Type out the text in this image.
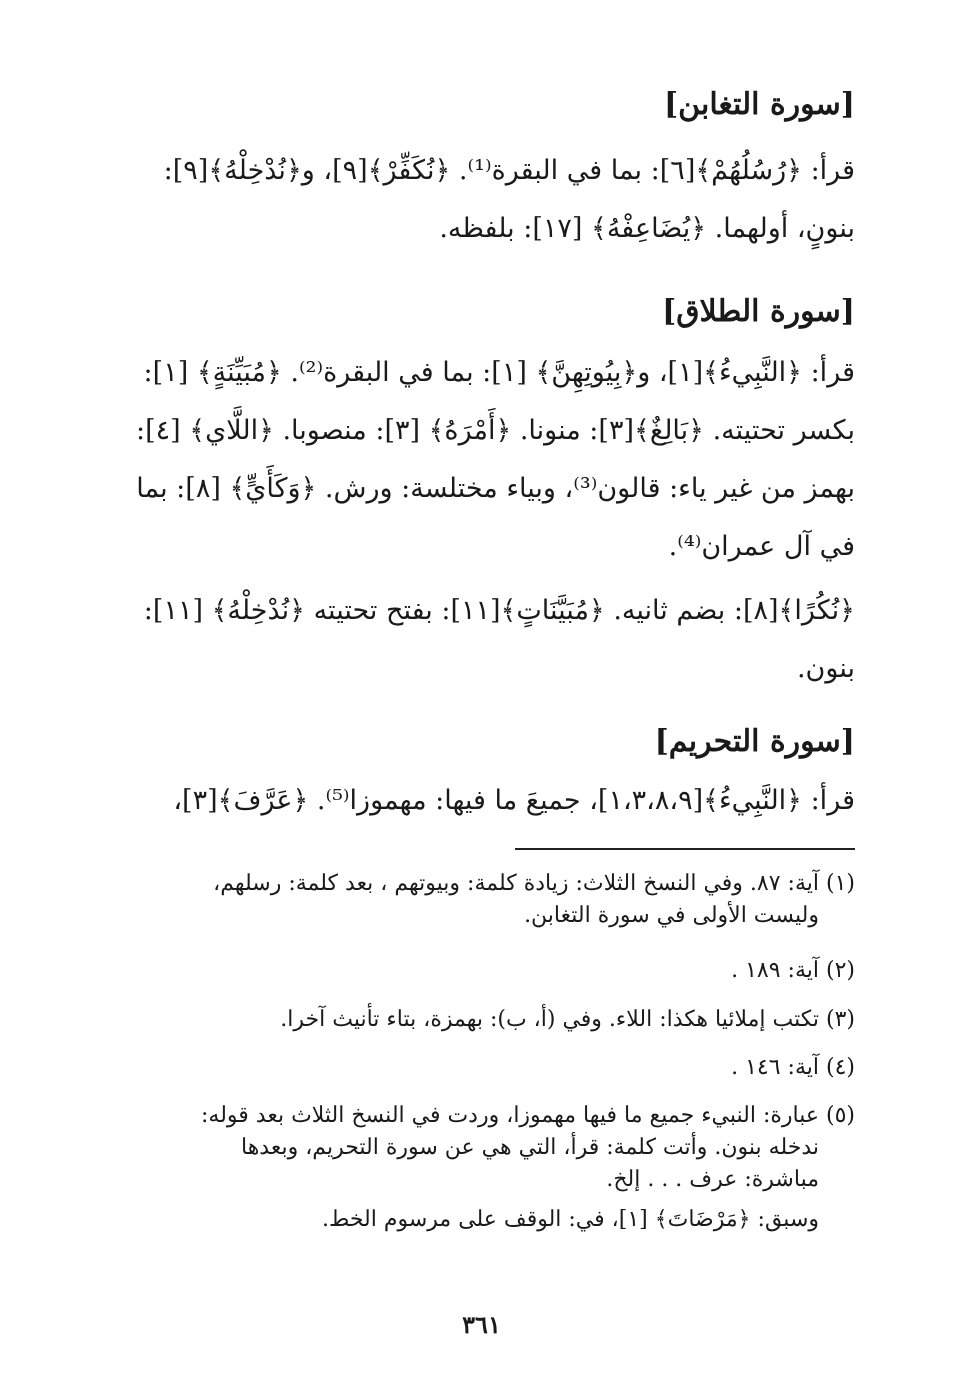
[سورة التغابن]
قرأ: ﴿رُسُلُهُمْ﴾[٦]: بما في البقرة⁽¹⁾. ﴿نُكَفِّرْ﴾[٩]، و﴿نُدْخِلْهُ﴾[٩]:
بنونٍ، أولهما. ﴿يُضَاعِفْهُ﴾ [١٧]: بلفظه.
[سورة الطلاق]
قرأ: ﴿النَّبِيءُ﴾[١]، و﴿بِيُوتِهِنَّ﴾ [١]: بما في البقرة⁽²⁾. ﴿مُبَيِّنَةٍ﴾ [١]:
بكسر تحتيته. ﴿بَالِغٌ﴾[٣]: منونا. ﴿أَمْرَهُ﴾ [٣]: منصوبا. ﴿اللَّاي﴾ [٤]:
بهمز من غير ياء: قالون⁽³⁾، وبياء مختلسة: ورش. ﴿وَكَأَيٍّ﴾ [٨]: بما
في آل عمران⁽⁴⁾.
﴿نُكُرًا﴾[٨]: بضم ثانيه. ﴿مُبَيَّنَاتٍ﴾[١١]: بفتح تحتيته ﴿نُدْخِلْهُ﴾ [١١]:
بنون.
[سورة التحريم]
قرأ: ﴿النَّبِيءُ﴾[١،٣،٨،٩]، جميعَ ما فيها: مهموزا⁽⁵⁾. ﴿عَرَّفَ﴾[٣]،
(١) آية: ٨٧. وفي النسخ الثلاث: زيادة كلمة: وبيوتهم ، بعد كلمة: رسلهم،
وليست الأولى في سورة التغابن.
(٢) آية: ١٨٩ .
(٣) تكتب إملائيا هكذا: اللاء. وفي (أ، ب): بهمزة، بتاء تأنيث آخرا.
(٤) آية: ١٤٦ .
(٥) عبارة: النبيء جميع ما فيها مهموزا، وردت في النسخ الثلاث بعد قوله:
ندخله بنون. وأتت كلمة: قرأ، التي هي عن سورة التحريم، وبعدها
مباشرة: عرف . . . إلخ.
وسبق: ﴿مَرْضَاتَ﴾ [١]، في: الوقف على مرسوم الخط.
٣٦١
